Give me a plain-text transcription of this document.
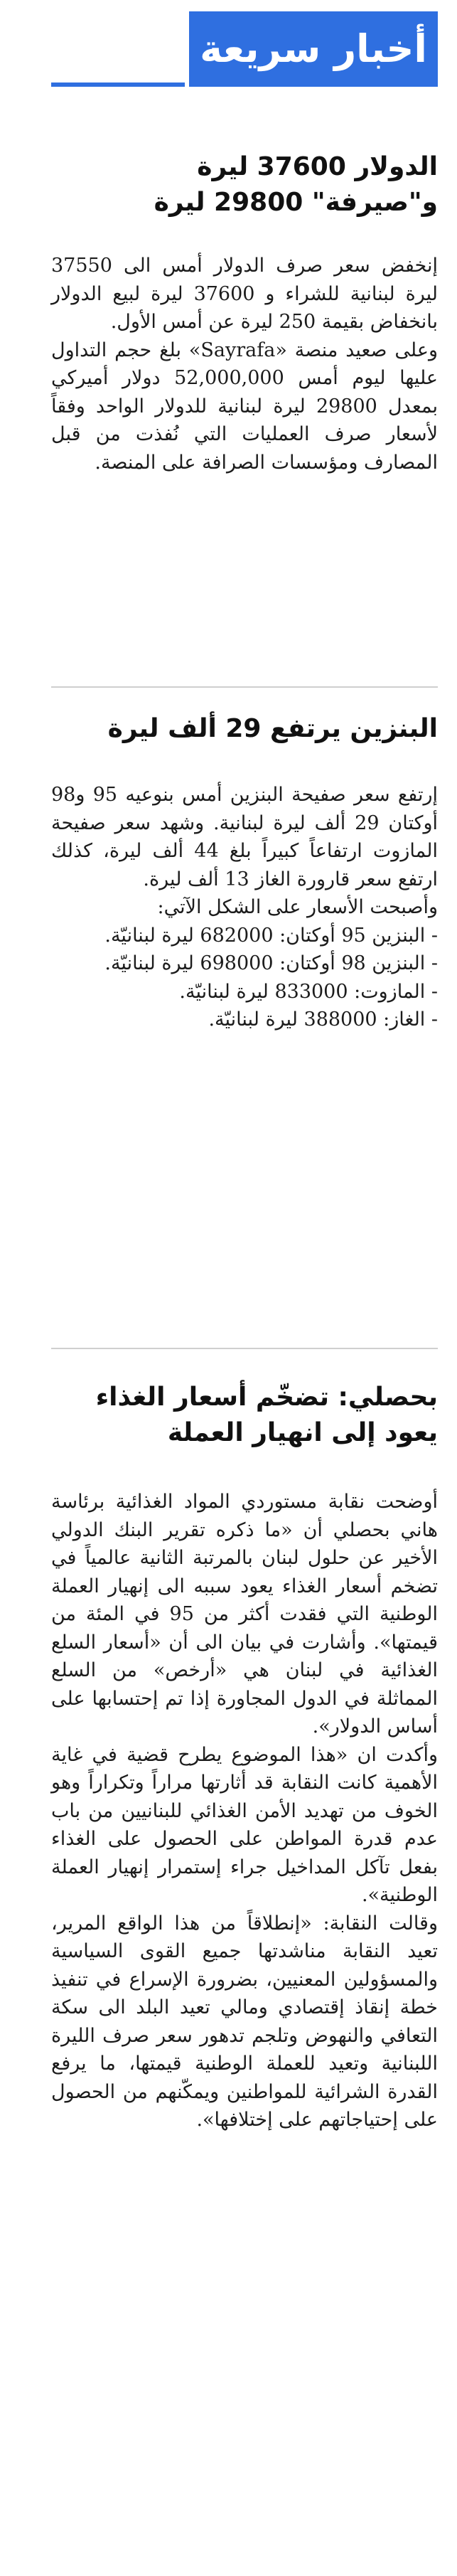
أخبار سريعة
الدولار 37600 ليرة
و"صيرفة" 29800 ليرة

إنخفض سعر صرف الدولار أمس الى 37550 ليرة لبنانية للشراء و 37600 ليرة لبيع الدولار بانخفاض بقيمة 250 ليرة عن أمس الأول.

وعلى صعيد منصة «Sayrafa» بلغ حجم التداول عليها ليوم أمس 52,000,000 دولار أميركي بمعدل 29800 ليرة لبنانية للدولار الواحد وفقاً لأسعار صرف العمليات التي نُفذت من قبل المصارف ومؤسسات الصرافة على المنصة.

البنزين يرتفع 29 ألف ليرة

إرتفع سعر صفيحة البنزين أمس بنوعيه 95 و98 أوكتان 29 ألف ليرة لبنانية. وشهد سعر صفيحة المازوت ارتفاعاً كبيراً بلغ 44 ألف ليرة، كذلك ارتفع سعر قارورة الغاز 13 ألف ليرة.

وأصبحت الأسعار على الشكل الآتي:

- البنزين 95 أوكتان: 682000 ليرة لبنانيّة.
- البنزين 98 أوكتان: 698000 ليرة لبنانيّة.
- المازوت: 833000 ليرة لبنانيّة.
- الغاز: 388000 ليرة لبنانيّة.
بحصلي: تضخّم أسعار الغذاء
يعود إلى انهيار العملة

أوضحت نقابة مستوردي المواد الغذائية برئاسة هاني بحصلي أن «ما ذكره تقرير البنك الدولي الأخير عن حلول لبنان بالمرتبة الثانية عالمياً في تضخم أسعار الغذاء يعود سببه الى إنهيار العملة الوطنية التي فقدت أكثر من 95 في المئة من قيمتها». وأشارت في بيان الى أن «أسعار السلع الغذائية في لبنان هي «أرخص» من السلع المماثلة في الدول المجاورة إذا تم إحتسابها على أساس الدولار».

وأكدت ان «هذا الموضوع يطرح قضية في غاية الأهمية كانت النقابة قد أثارتها مراراً وتكراراً وهو الخوف من تهديد الأمن الغذائي للبنانيين من باب عدم قدرة المواطن على الحصول على الغذاء بفعل تآكل المداخيل جراء إستمرار إنهيار العملة الوطنية».

وقالت النقابة: «إنطلاقاً من هذا الواقع المرير، تعيد النقابة مناشدتها جميع القوى السياسية والمسؤولين المعنيين، بضرورة الإسراع في تنفيذ خطة إنقاذ إقتصادي ومالي تعيد البلد الى سكة التعافي والنهوض وتلجم تدهور سعر صرف الليرة اللبنانية وتعيد للعملة الوطنية قيمتها، ما يرفع القدرة الشرائية للمواطنين ويمكّنهم من الحصول على إحتياجاتهم على إختلافها».
